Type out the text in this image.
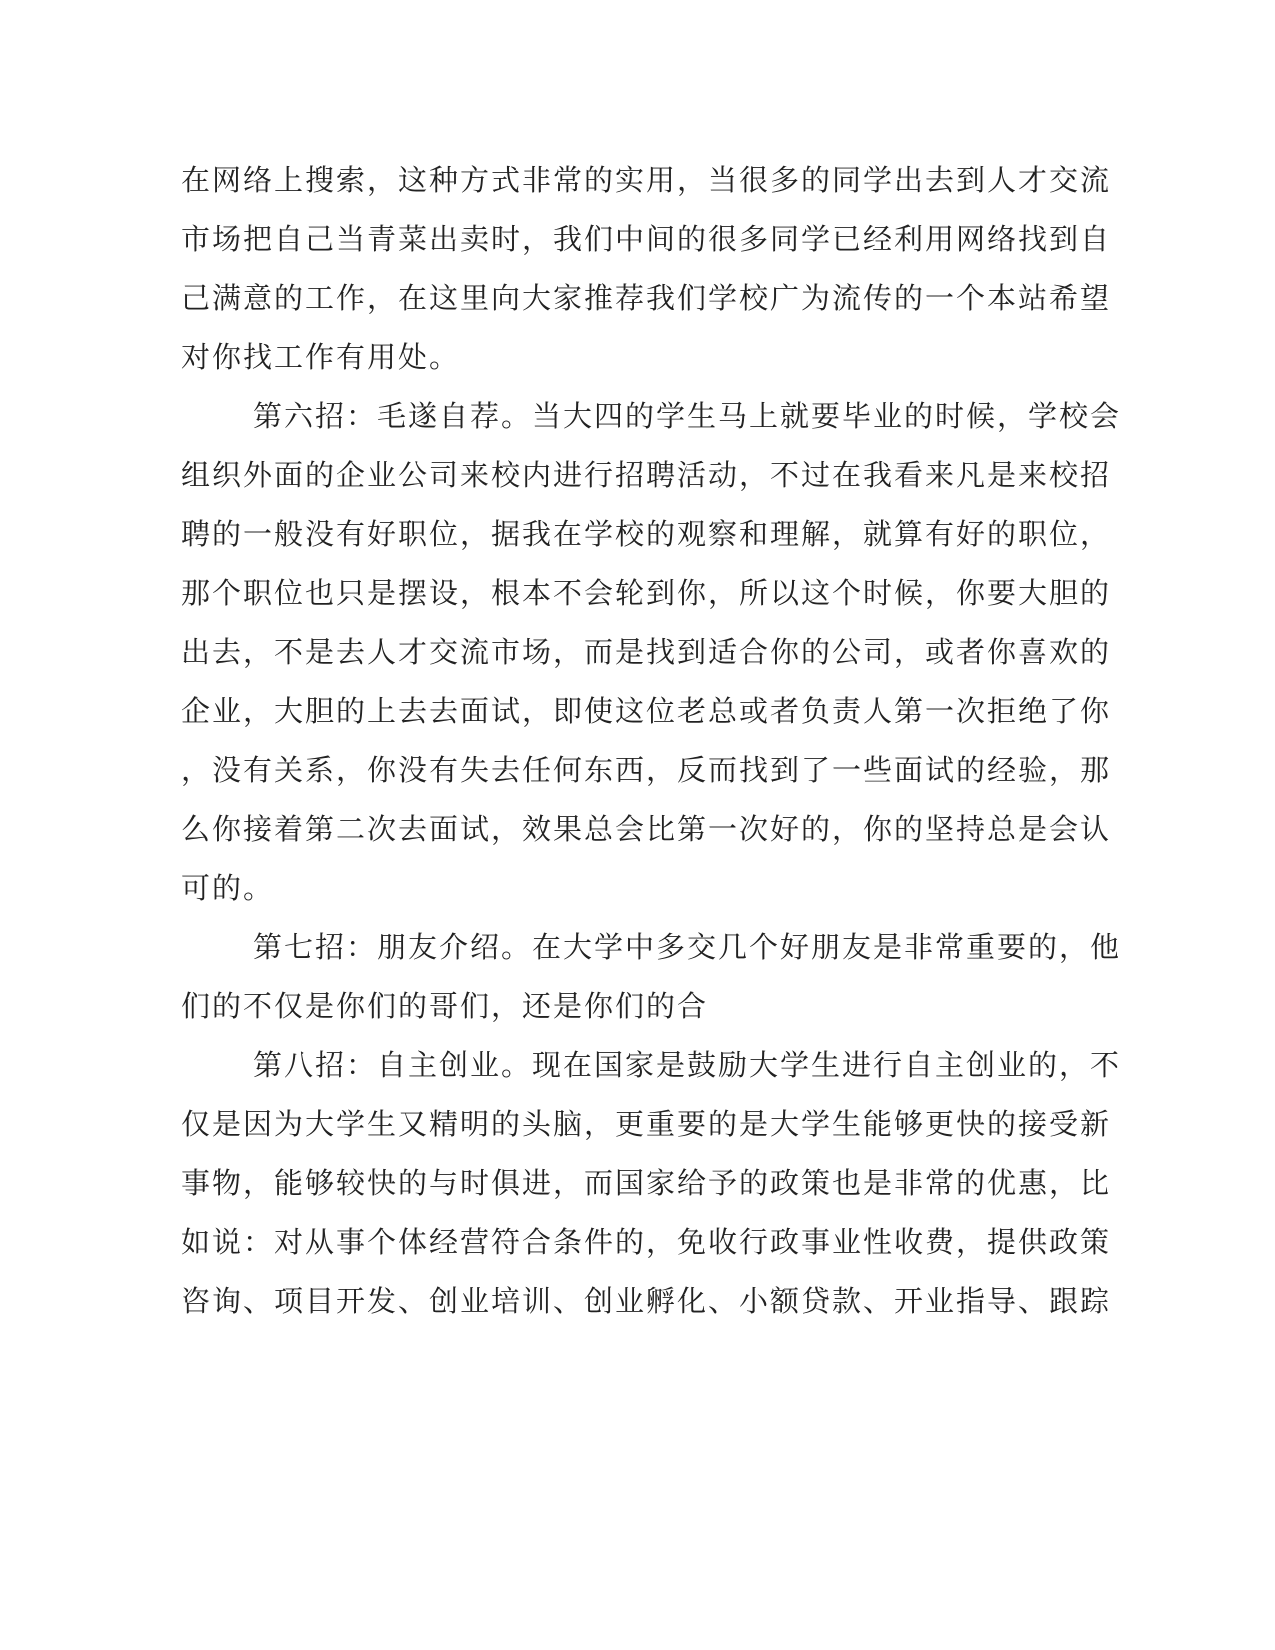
在网络上搜索，这种方式非常的实用，当很多的同学出去到人才交流
市场把自己当青菜出卖时，我们中间的很多同学已经利用网络找到自
己满意的工作，在这里向大家推荐我们学校广为流传的一个本站希望
对你找工作有用处。
第六招：毛遂自荐。当大四的学生马上就要毕业的时候，学校会
组织外面的企业公司来校内进行招聘活动，不过在我看来凡是来校招
聘的一般没有好职位，据我在学校的观察和理解，就算有好的职位，
那个职位也只是摆设，根本不会轮到你，所以这个时候，你要大胆的
出去，不是去人才交流市场，而是找到适合你的公司，或者你喜欢的
企业，大胆的上去去面试，即使这位老总或者负责人第一次拒绝了你
，没有关系，你没有失去任何东西，反而找到了一些面试的经验，那
么你接着第二次去面试，效果总会比第一次好的，你的坚持总是会认
可的。
第七招：朋友介绍。在大学中多交几个好朋友是非常重要的，他
们的不仅是你们的哥们，还是你们的合
第八招：自主创业。现在国家是鼓励大学生进行自主创业的，不
仅是因为大学生又精明的头脑，更重要的是大学生能够更快的接受新
事物，能够较快的与时俱进，而国家给予的政策也是非常的优惠，比
如说：对从事个体经营符合条件的，免收行政事业性收费，提供政策
咨询、项目开发、创业培训、创业孵化、小额贷款、开业指导、跟踪
